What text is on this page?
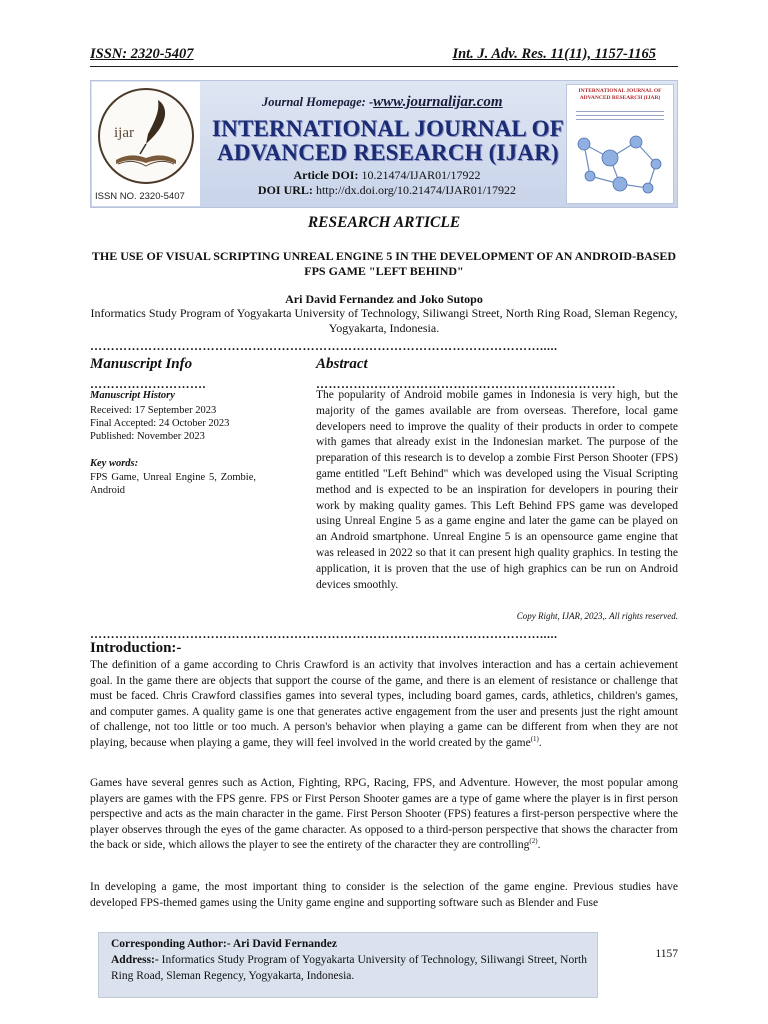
ISSN: 2320-5407	Int. J. Adv. Res. 11(11), 1157-1165
ijar
ISSN NO. 2320-5407
Journal Homepage: -www.journalijar.com
INTERNATIONAL JOURNAL OF ADVANCED RESEARCH (IJAR)
Article DOI: 10.21474/IJAR01/17922
DOI URL: http://dx.doi.org/10.21474/IJAR01/17922
INTERNATIONAL JOURNAL OF ADVANCED RESEARCH (IJAR)
RESEARCH ARTICLE
THE USE OF VISUAL SCRIPTING UNREAL ENGINE 5 IN THE DEVELOPMENT OF AN ANDROID-BASED FPS GAME "LEFT BEHIND"
Ari David Fernandez and Joko Sutopo
Informatics Study Program of Yogyakarta University of Technology, Siliwangi Street, North Ring Road, Sleman Regency, Yogyakarta, Indonesia.
……………………………………………………………………………………………….....
Manuscript Info
……………………….
Manuscript History
Received: 17 September 2023
Final Accepted: 24 October 2023
Published: November 2023
Key words:
FPS Game, Unreal Engine 5, Zombie, Android
Abstract
………………………………………………………………
The popularity of Android mobile games in Indonesia is very high, but the majority of the games available are from overseas. Therefore, local game developers need to improve the quality of their products in order to compete with games that already exist in the Indonesian market. The purpose of the preparation of this research is to develop a zombie First Person Shooter (FPS) game entitled "Left Behind" which was developed using the Visual Scripting method and is expected to be an inspiration for developers in pouring their work by making quality games. This Left Behind FPS game was developed using Unreal Engine 5 as a game engine and later the game can be played on an Android smartphone. Unreal Engine 5 is an opensource game engine that was released in 2022 so that it can present high quality graphics. In testing the application, it is proven that the use of high graphics can be run on Android devices smoothly.
Copy Right, IJAR, 2023,. All rights reserved.
……………………………………………………………………………………………….....
Introduction:-
The definition of a game according to Chris Crawford is an activity that involves interaction and has a certain achievement goal. In the game there are objects that support the course of the game, and there is an element of resistance or challenge that must be faced. Chris Crawford classifies games into several types, including board games, cards, athletics, children's games, and computer games. A quality game is one that generates active engagement from the user and presents just the right amount of challenge, not too little or too much. A person's behavior when playing a game can be different from when they are not playing, because when playing a game, they will feel involved in the world created by the game$^{(1)}$.
Games have several genres such as Action, Fighting, RPG, Racing, FPS, and Adventure. However, the most popular among players are games with the FPS genre. FPS or First Person Shooter games are a type of game where the player is in first person perspective and acts as the main character in the game. First Person Shooter (FPS) features a first-person perspective where the player observes through the eyes of the game character. As opposed to a third-person perspective that shows the character from the back or side, which allows the player to see the entirety of the character they are controlling$^{(2)}$.
In developing a game, the most important thing to consider is the selection of the game engine. Previous studies have developed FPS-themed games using the Unity game engine and supporting software such as Blender and Fuse
Corresponding Author:- Ari David Fernandez
Address:- Informatics Study Program of Yogyakarta University of Technology, Siliwangi Street, North Ring Road, Sleman Regency, Yogyakarta, Indonesia.
1157
